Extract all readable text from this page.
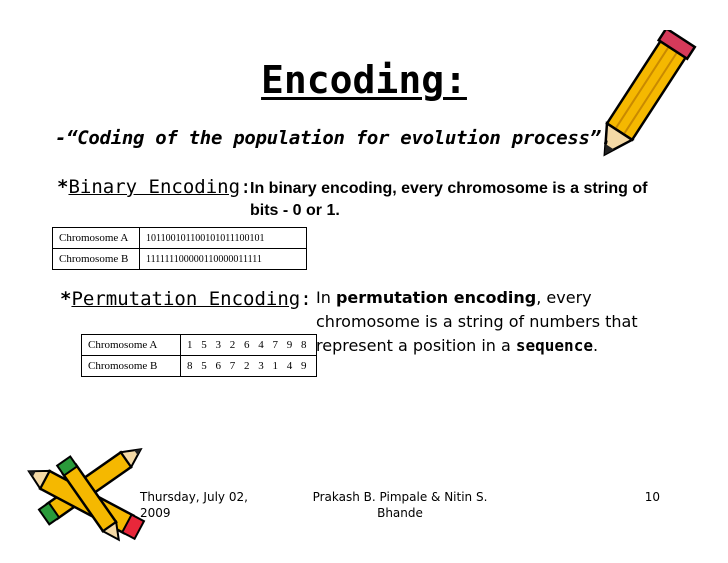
Encoding:
-“Coding of the population for evolution process”.
*Binary Encoding:
In binary encoding, every chromosome is a string of bits - 0 or 1.
Chromosome A	101100101100101011100101
Chromosome B	111111100000110000011111
*Permutation Encoding: In permutation encoding, every chromosome is a string of numbers that represent a position in a sequence.
Chromosome A	1 5 3 2 6 4 7 9 8
Chromosome B	8 5 6 7 2 3 1 4 9
Thursday, July 02, 2009
Prakash B. Pimpale & Nitin S. Bhande
10
